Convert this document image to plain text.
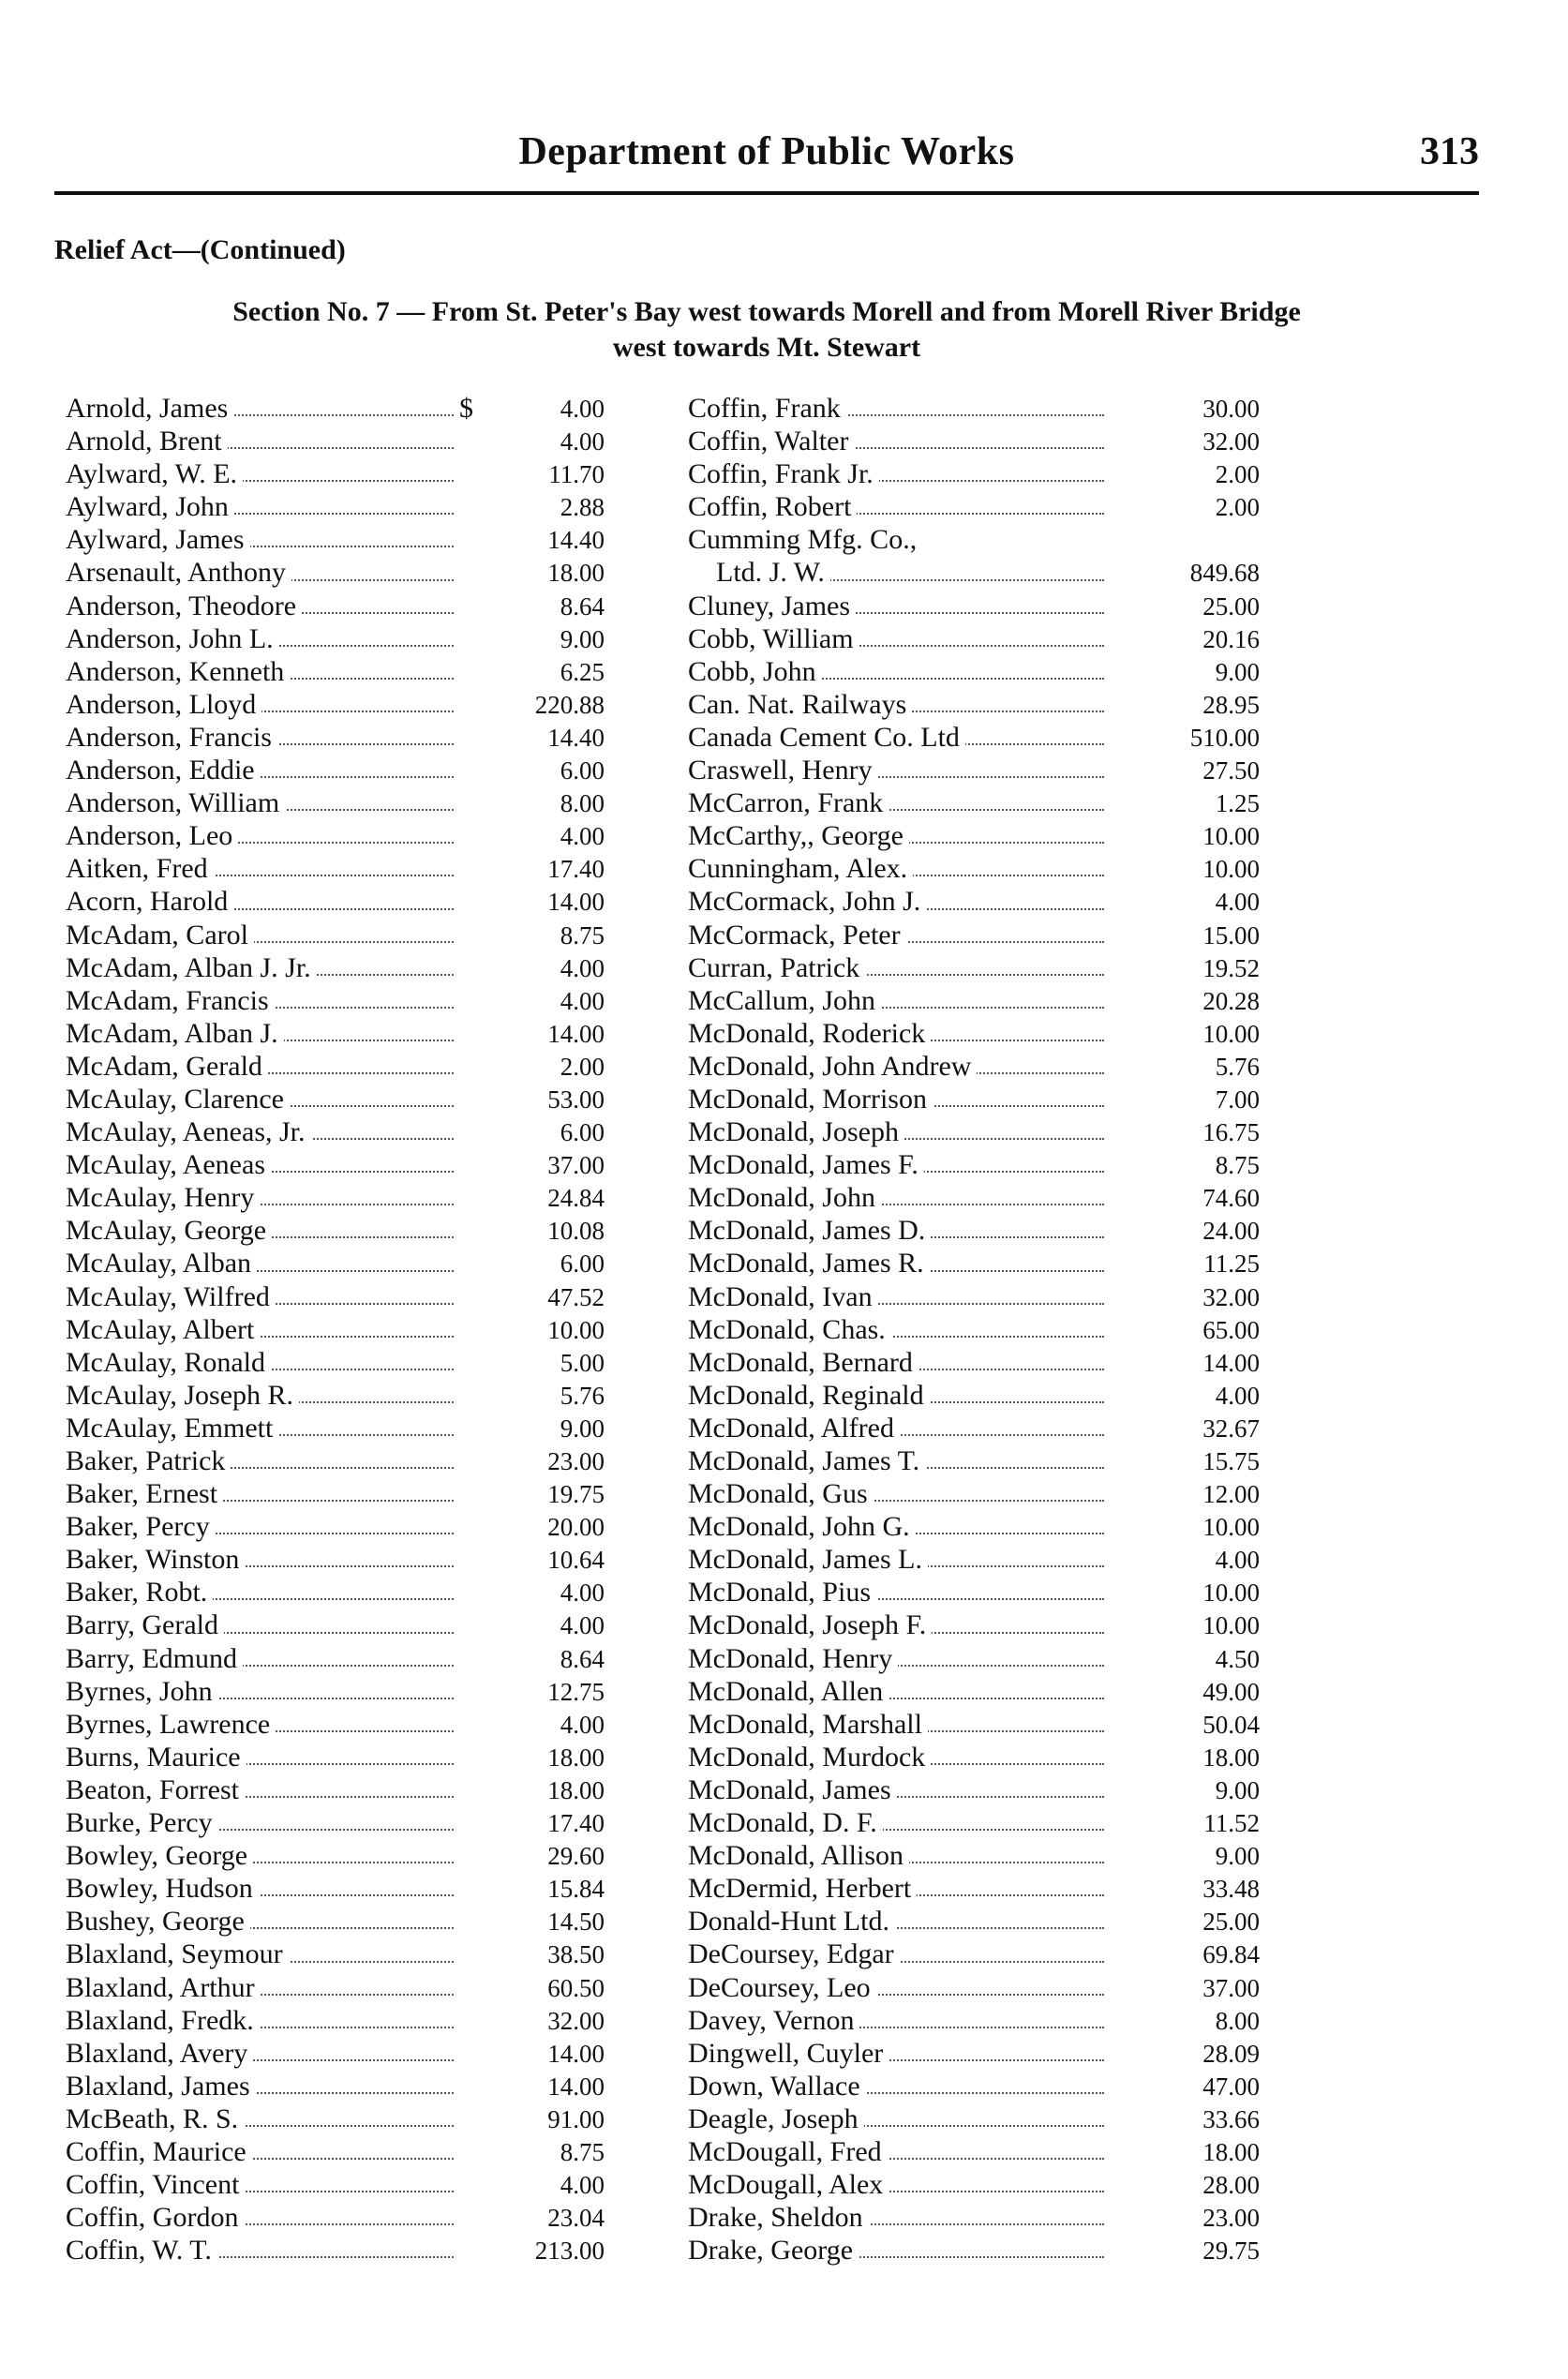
Department of Public Works	313
Relief Act—(Continued)
Section No. 7 — From St. Peter's Bay west towards Morell and from Morell River Bridge
west towards Mt. Stewart
Arnold, James	$	4.00
Arnold, Brent	4.00
Aylward, W. E.	11.70
Aylward, John	2.88
Aylward, James	14.40
Arsenault, Anthony	18.00
Anderson, Theodore	8.64
Anderson, John L.	9.00
Anderson, Kenneth	6.25
Anderson, Lloyd	220.88
Anderson, Francis	14.40
Anderson, Eddie	6.00
Anderson, William	8.00
Anderson, Leo	4.00
Aitken, Fred	17.40
Acorn, Harold	14.00
McAdam, Carol	8.75
McAdam, Alban J. Jr.	4.00
McAdam, Francis	4.00
McAdam, Alban J.	14.00
McAdam, Gerald	2.00
McAulay, Clarence	53.00
McAulay, Aeneas, Jr.	6.00
McAulay, Aeneas	37.00
McAulay, Henry	24.84
McAulay, George	10.08
McAulay, Alban	6.00
McAulay, Wilfred	47.52
McAulay, Albert	10.00
McAulay, Ronald	5.00
McAulay, Joseph R.	5.76
McAulay, Emmett	9.00
Baker, Patrick	23.00
Baker, Ernest	19.75
Baker, Percy	20.00
Baker, Winston	10.64
Baker, Robt.	4.00
Barry, Gerald	4.00
Barry, Edmund	8.64
Byrnes, John	12.75
Byrnes, Lawrence	4.00
Burns, Maurice	18.00
Beaton, Forrest	18.00
Burke, Percy	17.40
Bowley, George	29.60
Bowley, Hudson	15.84
Bushey, George	14.50
Blaxland, Seymour	38.50
Blaxland, Arthur	60.50
Blaxland, Fredk.	32.00
Blaxland, Avery	14.00
Blaxland, James	14.00
McBeath, R. S.	91.00
Coffin, Maurice	8.75
Coffin, Vincent	4.00
Coffin, Gordon	23.04
Coffin, W. T.	213.00
Coffin, Frank	30.00
Coffin, Walter	32.00
Coffin, Frank Jr.	2.00
Coffin, Robert	2.00
Cumming Mfg. Co.,
Ltd. J. W.	849.68
Cluney, James	25.00
Cobb, William	20.16
Cobb, John	9.00
Can. Nat. Railways	28.95
Canada Cement Co. Ltd	510.00
Craswell, Henry	27.50
McCarron, Frank	1.25
McCarthy,, George	10.00
Cunningham, Alex.	10.00
McCormack, John J.	4.00
McCormack, Peter	15.00
Curran, Patrick	19.52
McCallum, John	20.28
McDonald, Roderick	10.00
McDonald, John Andrew	5.76
McDonald, Morrison	7.00
McDonald, Joseph	16.75
McDonald, James F.	8.75
McDonald, John	74.60
McDonald, James D.	24.00
McDonald, James R.	11.25
McDonald, Ivan	32.00
McDonald, Chas.	65.00
McDonald, Bernard	14.00
McDonald, Reginald	4.00
McDonald, Alfred	32.67
McDonald, James T.	15.75
McDonald, Gus	12.00
McDonald, John G.	10.00
McDonald, James L.	4.00
McDonald, Pius	10.00
McDonald, Joseph F.	10.00
McDonald, Henry	4.50
McDonald, Allen	49.00
McDonald, Marshall	50.04
McDonald, Murdock	18.00
McDonald, James	9.00
McDonald, D. F.	11.52
McDonald, Allison	9.00
McDermid, Herbert	33.48
Donald-Hunt Ltd.	25.00
DeCoursey, Edgar	69.84
DeCoursey, Leo	37.00
Davey, Vernon	8.00
Dingwell, Cuyler	28.09
Down, Wallace	47.00
Deagle, Joseph	33.66
McDougall, Fred	18.00
McDougall, Alex	28.00
Drake, Sheldon	23.00
Drake, George	29.75
